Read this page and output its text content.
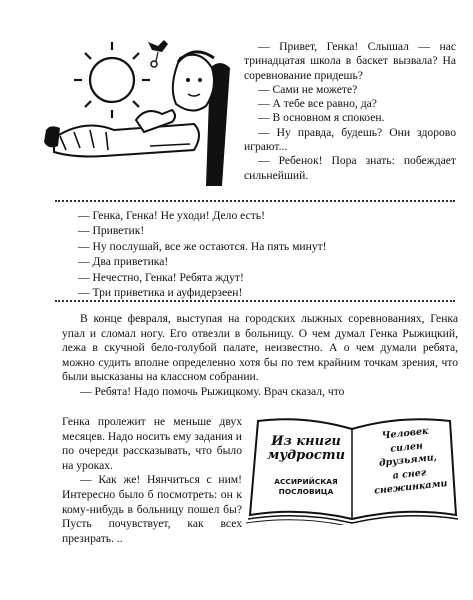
— Привет, Генка! Слышал — нас тринадцатая школа в баскет вызвала? На соревнование придешь?

— Сами не можете?

— А тебе все равно, да?

— В основном я спокоен.

— Ну правда, будешь? Они здорово играют...

— Ребенок! Пора знать: побеждает сильнейший.

— Генка, Генка! Не уходи! Дело есть!

— Приветик!

— Ну послушай, все же остаются. На пять минут!

— Два приветика!

— Нечестно, Генка! Ребята ждут!

— Три приветика и ауфидерзеен!

В конце февраля, выступая на городских лыжных соревнованиях, Генка упал и сломал ногу. Его отвезли в больницу. О чем думал Генка Рыжицкий, лежа в скучной бело-голубой палате, неизвестно. А о чем думали ребята, можно судить вполне определенно хотя бы по тем крайним точкам зрения, что были высказаны на классном собрании.

— Ребята! Надо помочь Рыжицкому. Врач сказал, что

Генка пролежит не меньше двух месяцев. Надо носить ему задания и по очереди рассказывать, что было на уроках.

— Как же! Нянчиться с ним! Интересно было б посмотреть: он к кому-нибудь в больницу пошел бы? Пусть почувствует, как всех презирать. ..

Из книги мудрости
АССИРИЙСКАЯ ПОСЛОВИЦА
Человек
силен
друзьями,
а снег
снежинками
